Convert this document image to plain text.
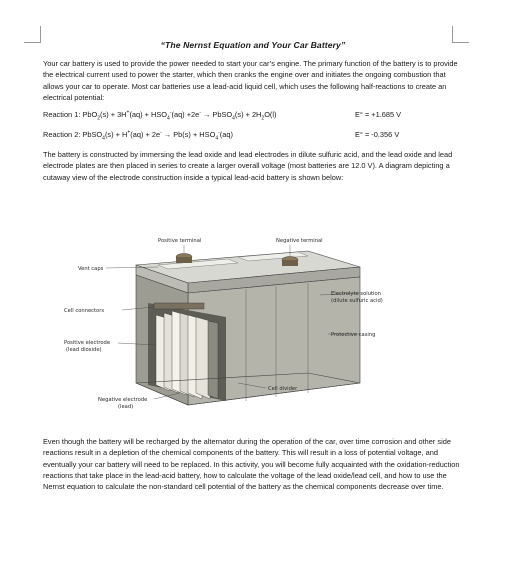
“The Nernst Equation and Your Car Battery”

Your car battery is used to provide the power needed to start your car’s engine. The primary function of the battery is to provide the electrical current used to power the starter, which then cranks the engine over and initiates the ongoing combustion that allows your car to operate. Most car batteries use a lead-acid liquid cell, which uses the following half-reactions to create an electrical potential:

Reaction 1: $PbO_2(s) + 3H^+(aq) + HSO_4^-(aq) +2e^-$ → PbSO$_4$(s) + $2H_2O(l)$	E° = +1.685 V
Reaction 2: PbSO$_4$(s) + $H^+(aq) + 2e^- \to Pb(s) + HSO_4^-(aq)$	E° = -0.356 V

The battery is constructed by immersing the lead oxide and lead electrodes in dilute sulfuric acid, and the lead oxide and lead electrode plates are then placed in series to create a larger overall voltage (most batteries are 12.0 V). A diagram depicting a cutaway view of the electrode construction inside a typical lead-acid battery is shown below:

Positive terminal	Negative terminal
Vent caps
Cell connectors
Electrolyte solution
(dilute sulfuric acid)
Protective casing
Positive electrode
(lead dioxide)
Cell divider
Negative electrode
(lead)

Even though the battery will be recharged by the alternator during the operation of the car, over time corrosion and other side reactions result in a depletion of the chemical components of the battery. This will result in a loss of potential voltage, and eventually your car battery will need to be replaced. In this activity, you will become fully acquainted with the oxidation-reduction reactions that take place in the lead-acid battery, how to calculate the voltage of the lead oxide/lead cell, and how to use the Nernst equation to calculate the non-standard cell potential of the battery as the chemical components decrease over time.
